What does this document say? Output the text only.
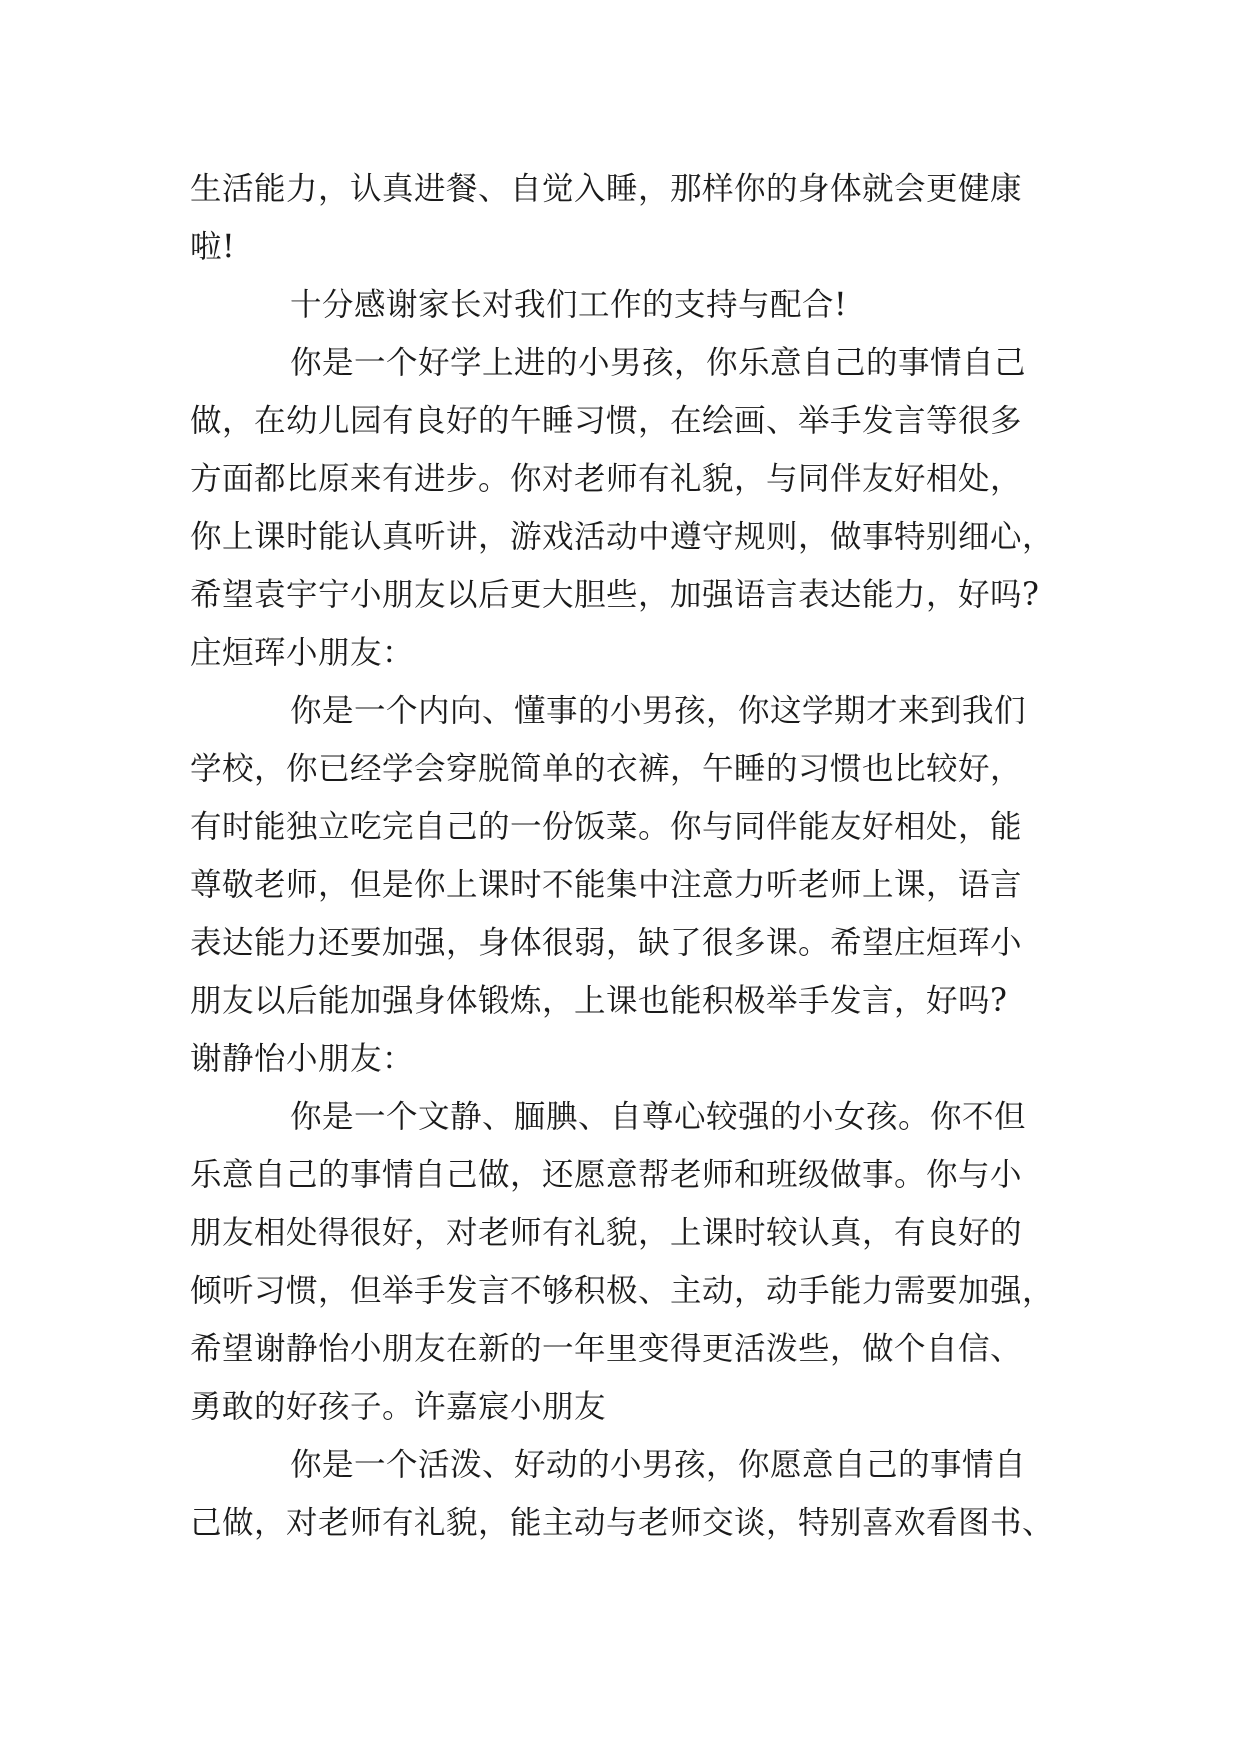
生活能力，认真进餐、自觉入睡，那样你的身体就会更健康
啦!
十分感谢家长对我们工作的支持与配合!
你是一个好学上进的小男孩，你乐意自己的事情自己
做，在幼儿园有良好的午睡习惯，在绘画、举手发言等很多
方面都比原来有进步。你对老师有礼貌，与同伴友好相处，
你上课时能认真听讲，游戏活动中遵守规则，做事特别细心，
希望袁宇宁小朋友以后更大胆些，加强语言表达能力，好吗?
庄烜珲小朋友：
你是一个内向、懂事的小男孩，你这学期才来到我们
学校，你已经学会穿脱简单的衣裤，午睡的习惯也比较好，
有时能独立吃完自己的一份饭菜。你与同伴能友好相处，能
尊敬老师，但是你上课时不能集中注意力听老师上课，语言
表达能力还要加强，身体很弱，缺了很多课。希望庄烜珲小
朋友以后能加强身体锻炼，上课也能积极举手发言，好吗?
谢静怡小朋友：
你是一个文静、腼腆、自尊心较强的小女孩。你不但
乐意自己的事情自己做，还愿意帮老师和班级做事。你与小
朋友相处得很好，对老师有礼貌，上课时较认真，有良好的
倾听习惯，但举手发言不够积极、主动，动手能力需要加强，
希望谢静怡小朋友在新的一年里变得更活泼些，做个自信、
勇敢的好孩子。许嘉宸小朋友
你是一个活泼、好动的小男孩，你愿意自己的事情自
己做，对老师有礼貌，能主动与老师交谈，特别喜欢看图书、
